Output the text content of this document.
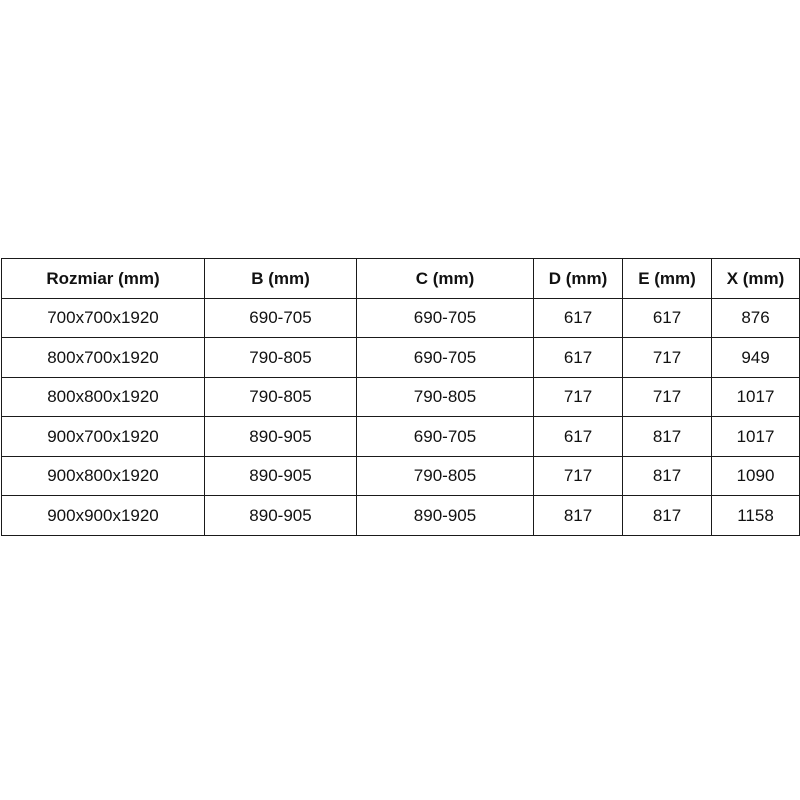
Rozmiar (mm)	B (mm)	C (mm)	D (mm)	E (mm)	X (mm)
700x700x1920	690-705	690-705	617	617	876
800x700x1920	790-805	690-705	617	717	949
800x800x1920	790-805	790-805	717	717	1017
900x700x1920	890-905	690-705	617	817	1017
900x800x1920	890-905	790-805	717	817	1090
900x900x1920	890-905	890-905	817	817	1158
